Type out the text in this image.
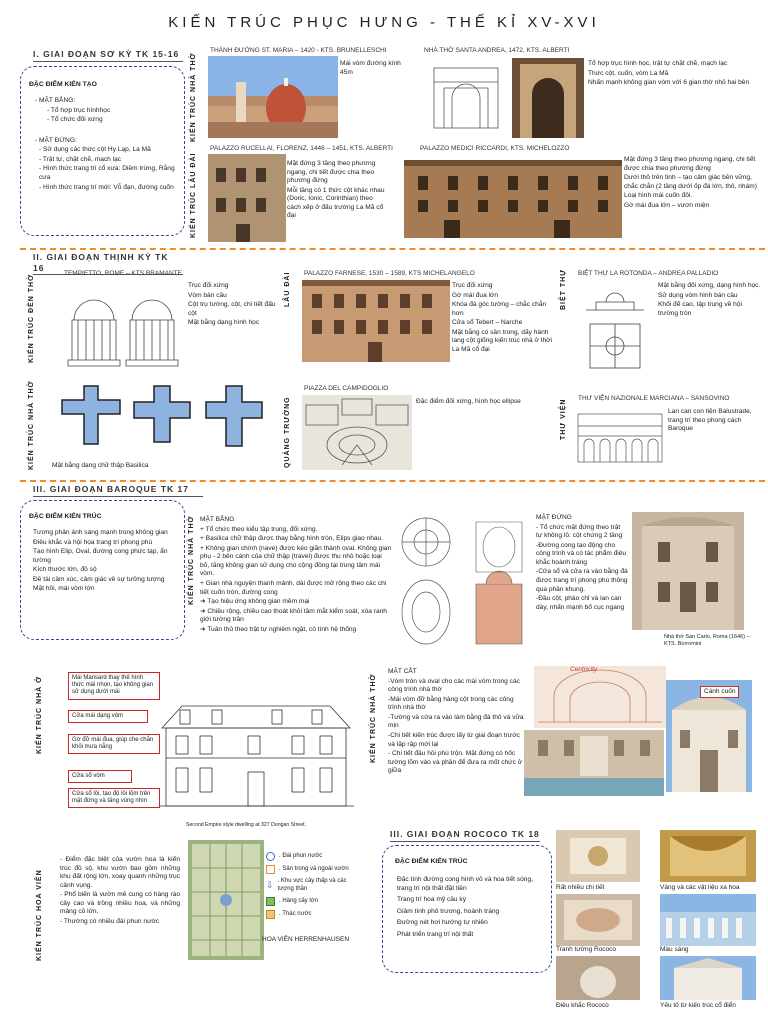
KIẾN TRÚC PHỤC HƯNG - THẾ KỈ XV-XVI
I. GIAI ĐOẠN SƠ KỲ TK 15-16
ĐẶC ĐIỂM KIẾN TẠO
- MẶT BẰNG:
- Tổ hợp trục hìnhhọc
- Tổ chức đối xứng
- MẶT ĐỨNG:
- Sử dụng các thức cột Hy Lạp, La Mã
- Trật tự, chặt chẽ, mạch lạc
- Hình thức trang trí cổ xưa: Diềm trừng, Rằng cưa
- Hình thức trang trí mới: Vỗ đạn, đường cuốn
KIẾN TRÚC NHÀ THỜ
KIẾN TRÚC LÂU ĐÀI
THÁNH ĐƯỜNG ST. MARIA – 1420 - KTS. BRUNELLESCHI
Mái vòm đường kính 45m
NHÀ THỜ SANTA ANDREA, 1472, KTS. ALBERTI
Tổ hợp trục hình học, trật tự chặt chẽ, mạch lạc
Thức cột, cuốn, vòm La Mã
Nhấn mạnh không gian vòm với 6 gian thờ nhỏ hai bên
PALAZZO RUCELLAI, FLORENZ, 1446 – 1451, KTS. ALBERTI
Mặt đứng 3 tầng theo phương ngang, chi tiết được chia theo phương đứng
Mỗi tầng có 1 thức cột khác nhau (Doric, Ionic, Corinthian) theo cách xếp ở đấu trường La Mã cổ đại
PALAZZO MEDICI RICCARDI, KTS. MICHELOZZO
Mặt đứng 3 tầng theo phương ngang, chi tiết được chia theo phương đứng
Dưới thô trên tinh – tạo cảm giác bền vững, chắc chắn (2 tầng dưới ốp đá lớn, thô, nhám)
Loại hình mái cuốn đôi.
Gờ mái đua lớn – vươn miện
II. GIAI ĐOẠN THỊNH KỲ TK 16
KIẾN TRÚC ĐỀN THỜ	TEMPIETTO, ROME – KTS BRAMANTE
Trục đối xứng
Vòm bán cầu
Cột trụ tường, cột, chi tiết đấu cột
Mặt bằng dạng hình học
KIẾN TRÚC NHÀ THỜ	Mặt bằng dạng chữ thập Basilica
LÂU ĐÀI PALAZZO FARNESE, 1530 – 1589, KTS MICHELANGELO
Trục đối xứng
Gờ mái đua lớn
Khóa đá góc tường – chắc chắn hơn
Cửa sổ Tebert – Narche
Mặt bằng có sân trong, dãy hành lang cột giống kiến trúc nhà ở thời La Mã cổ đại
BIỆT THỰ BIỆT THỰ LA ROTONDA – ANDREA PALLADIO
Mặt bằng đối xứng, dạng hình học.
Sử dụng vòm hình bán cầu
Khối đế cao, tập trung về hội trường tròn
QUẢNG TRƯỜNG
PIAZZA DEL CAMPIDOGLIO
Đặc điểm đối xứng, hình học ellipse	THƯ VIỆN THƯ VIỆN NAZIONALE MARCIANA – SANSOVINO
Lan can con tiện Balustrade, trang trí theo phong cách Baroque
III. GIAI ĐOẠN BAROQUE TK 17
ĐẶC ĐIỂM KIẾN TRÚC
Tương phản ánh sáng mạnh trong không gian
Điêu khắc và hội họa trang trí phong phú
Tạo hình Elip, Oval, đường cong phức tạp, ẩn tường
Kích thước lớn, đồ sộ
Đề tài cảm xúc, cảm giác về sự tưởng tượng
Mặt hồi, mái vòm lớn	KIẾN TRÚC NHÀ THỜ MẶT BẰNG
+ Tổ chức theo kiểu tập trung, đối xứng.
+ Basilica chữ thập được thay bằng hình tròn, Elips giao nhau.
+ Không gian chính (nave) được kéo giãn thành oval. Không gian phụ - 2 bên cánh của chữ thập (travel) được thu nhỏ hoặc loại bỏ, tăng không gian sử dụng cho cộng đồng tại trung tâm mái vòm.
+ Gian nhà nguyện thanh mảnh, dài được mở rộng theo các chi tiết cuốn tròn, đường cong
➜ Tạo hiệu ứng không gian mềm mại
➜ Chiều rộng, chiều cao thoát khỏi tầm mắt kiểm soát, xóa ranh giới tường trần
➜ Tuân thủ theo trật tự nghiêm ngặt, có tính hệ thống
MẶT ĐỨNG
- Tổ chức mặt đứng theo trật tự không lồ: cột chứng 2 tầng
-Đường cong tạo động cho công trình và có tác phẩm điêu khắc hoành tráng
-Cửa sổ và cửa ra vào bằng đá được trang trí phong phú thông qua phần khung.
-Đầu cột, phào chỉ và lan can dày, nhấn mạnh bố cục ngang
Nhà thờ San Carlo, Roma (1646) – KTS. Borromini
KIẾN TRÚC NHÀ Ở
Second Empire style dwelling at 327 Dungan Street.
Mái Mansard thay thế hình thức mái nhọn, tạo không gian sử dụng dưới mái
Cửa mái dạng vòm
Gờ đỡ mái đua, giúp che chắn khỏi mưa nắng
Cửa sổ vòm
Cửa sổ lồi, tạo độ lồi lõm trên mặt đứng và tăng vùng nhìn
KIẾN TRÚC NHÀ THỜ
MẶT CẮT
-Vòm tròn và oval cho các mái vòm trong các công trình nhà thờ
-Mái vòm đỡ bằng hàng cột trong các công trình nhà thờ
-Tường và cửa ra vào làm bằng đá thô và vữa mịn
-Chi tiết kiến trúc được lấy từ giai đoạn trước và lặp rập mới lại
- Chi tiết đầu hồi phù trộn. Mặt đứng có hốc tường lõm vào và phần để đưa ra mốt chức ở giữa
Centricity
Cánh cuốn
KIẾN TRÚC HOA VIÊN
- Điểm đặc biệt của vườn hoa là kiến trúc đồ sộ, khu vườn bao gồm những khu đất rộng lớn, xoay quanh những trục cảnh vụng.
- Phổ biến là vườn mê cung có hàng rào cây cao và trồng nhiều hoa, và những mảng cỏ lớn.
- Thường có nhiều đài phun nước
. Đài phun nước
. Sân trong và ngoài vườn
⇩ . Khu vực cây thấp và các tượng thần
. Hàng cây lớn
. Thác nước
HOA VIÊN HERRENHAUSEN
III. GIAI ĐOẠN ROCOCO TK 18
ĐẶC ĐIỂM KIẾN TRÚC
Đặc tính đường cong hình vỏ và hoa tiết sóng, trang trí nội thất đặt tiền
Trang trí hoa mỹ cầu kỳ
Giảm tính phô trương, hoành tráng
Đường nét hơi hướng tự nhiên
Phát triển trang trí nội thất
Rất nhiều chi tiết	Vàng và các vật liệu xa hoa
Tranh tường Rococo	Màu sáng
Điêu khắc Rococo	Yếu tố từ kiến trúc cổ điển
